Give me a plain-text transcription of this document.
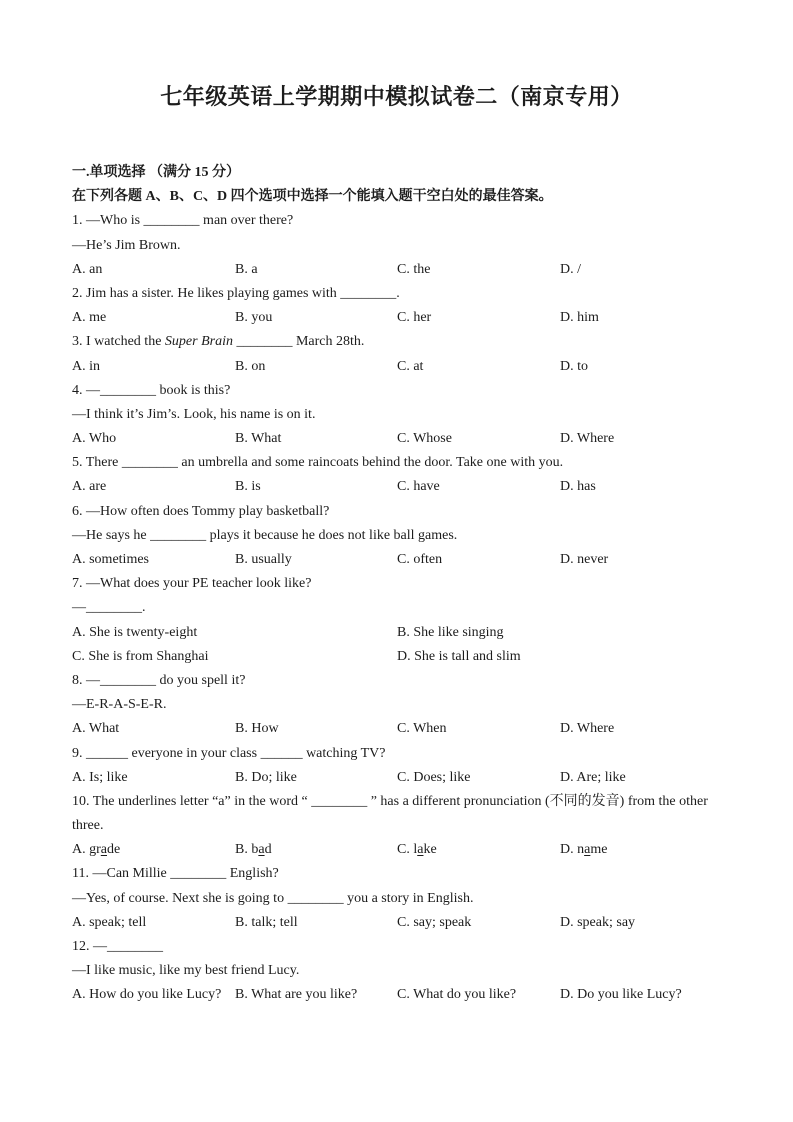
七年级英语上学期期中模拟试卷二（南京专用）
一.单项选择 （满分 15 分）
在下列各题 A、B、C、D 四个选项中选择一个能填入题干空白处的最佳答案。
1. —Who is ________ man over there?
—He’s Jim Brown.
A. an	B. a	C. the	D. /
2. Jim has a sister. He likes playing games with ________.
A. me	B. you	C. her	D. him
3. I watched the Super Brain ________ March 28th.
A. in	B. on	C. at	D. to
4. —________ book is this?
—I think it’s Jim’s. Look, his name is on it.
A. Who	B. What	C. Whose	D. Where
5. There ________ an umbrella and some raincoats behind the door. Take one with you.
A. are	B. is	C. have	D. has
6. —How often does Tommy play basketball?
—He says he ________ plays it because he does not like ball games.
A. sometimes	B. usually	C. often	D. never
7. —What does your PE teacher look like?
—________.
A. She is twenty-eight	B. She like singing
C. She is from Shanghai	D. She is tall and slim
8. —________ do you spell it?
—E-R-A-S-E-R.
A. What	B. How	C. When	D. Where
9. ______ everyone in your class ______ watching TV?
A. Is; like	B. Do; like	C. Does; like	D. Are; like
10. The underlines letter “a” in the word “ ________ ” has a different pronunciation (不同的发音) from the other
three.
A. grade	B. bad	C. lake	D. name
11. —Can Millie ________ English?
—Yes, of course. Next she is going to ________ you a story in English.
A. speak; tell	B. talk; tell	C. say; speak	D. speak; say
12. —________
—I like music, like my best friend Lucy.
A. How do you like Lucy? B. What are you like?	C. What do you like?	D. Do you like Lucy?
